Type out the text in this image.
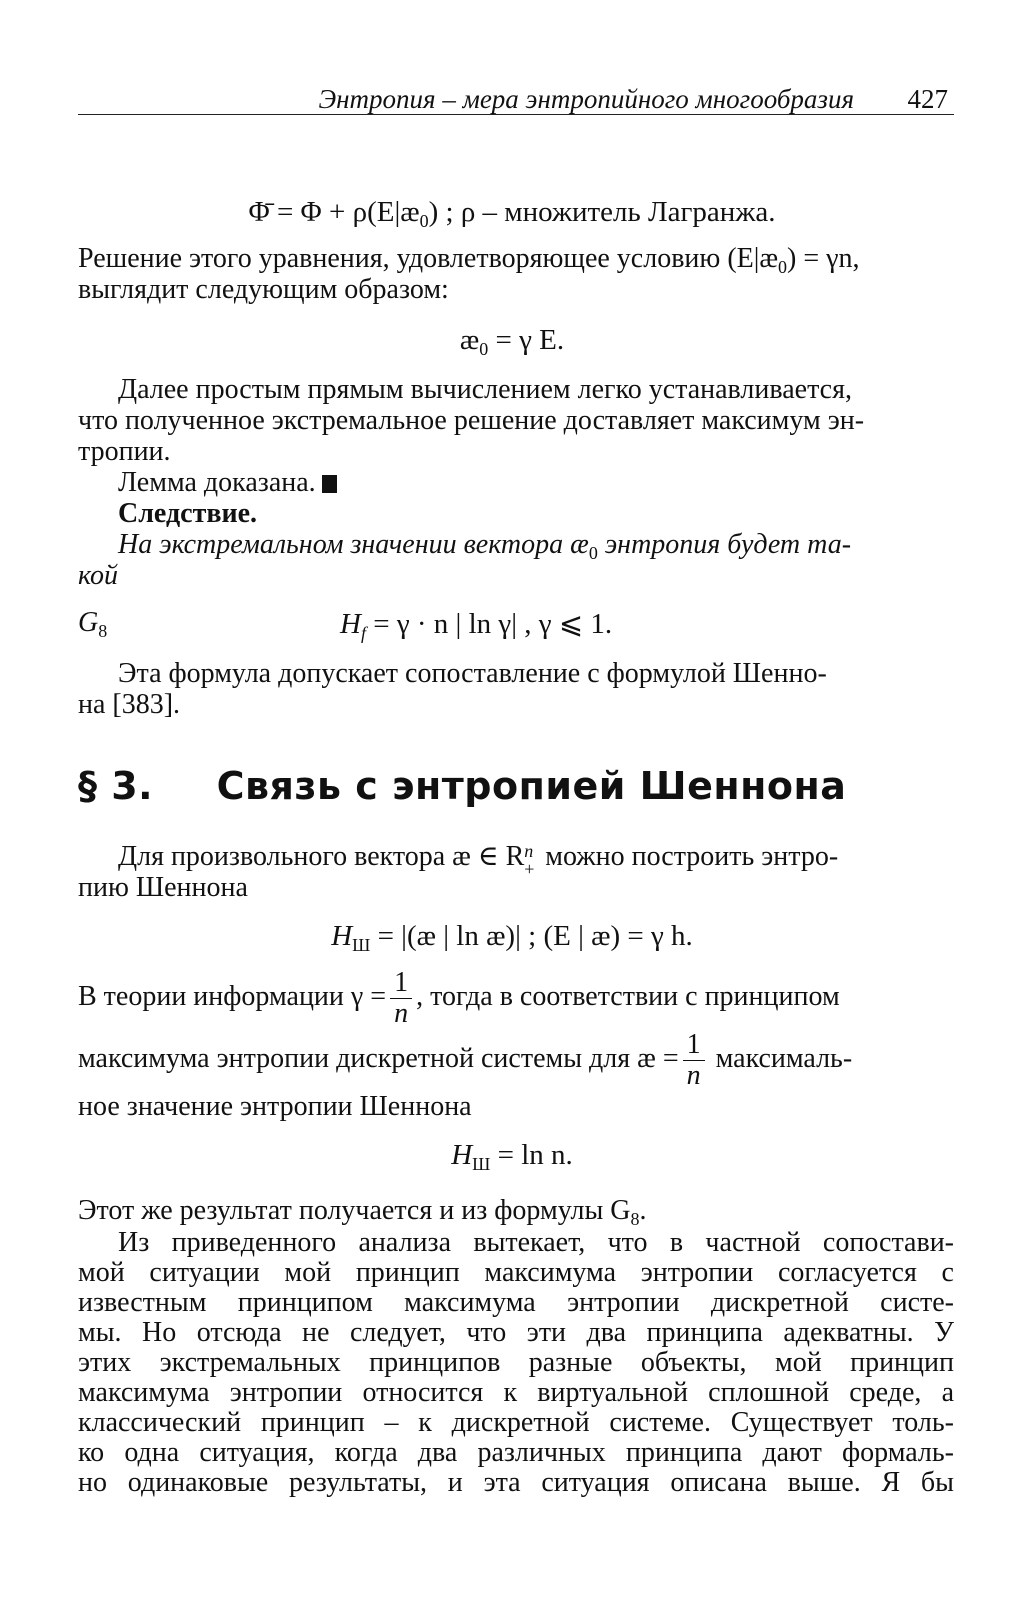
Энтропия – мера энтропийного многообразия 427
Φ̄ = $\Phi + \rho(E|æ_0)$ ; ρ – множитель Лагранжа.
Решение этого уравнения, удовлетворяющее условию $(E|æ_0) = \gamma n$,
выглядит следующим образом:
$æ_0 = \gamma$ E.
Далее простым прямым вычислением легко устанавливается,
что полученное экстремальное решение доставляет максимум эн-
тропии.
Лемма доказана.
Следствие.
На экстремальном значении вектора $æ_0$ энтропия будет та-
кой
$G_8$	$H_f = \gamma \cdot n$ | ln γ| , γ ⩽ 1.
Эта формула допускает сопоставление с формулой Шенно-
на [383].
§ 3. Связь с энтропией Шеннона
Для произвольного вектора æ ∈ R n
+ можно построить энтро-
пию Шеннона
$H_Ш$ = |(æ | ln æ)| ; (E | æ) = γ h.
В теории информации $\gamma = \frac{1}{n}$ , тогда в соответствии с принципом
максимума энтропии дискретной системы для æ = $\frac{1}{n}$ максималь-
ное значение энтропии Шеннона
$H_Ш = \ln n$.
Этот же результат получается и из формулы $G_8$.
Из приведенного анализа вытекает, что в частной сопостави-
мой ситуации мой принцип максимума энтропии согласуется с
известным принципом максимума энтропии дискретной систе-
мы. Но отсюда не следует, что эти два принципа адекватны. У
этих экстремальных принципов разные объекты, мой принцип
максимума энтропии относится к виртуальной сплошной среде, а
классический принцип – к дискретной системе. Существует толь-
ко одна ситуация, когда два различных принципа дают формаль-
но одинаковые результаты, и эта ситуация описана выше. Я бы
